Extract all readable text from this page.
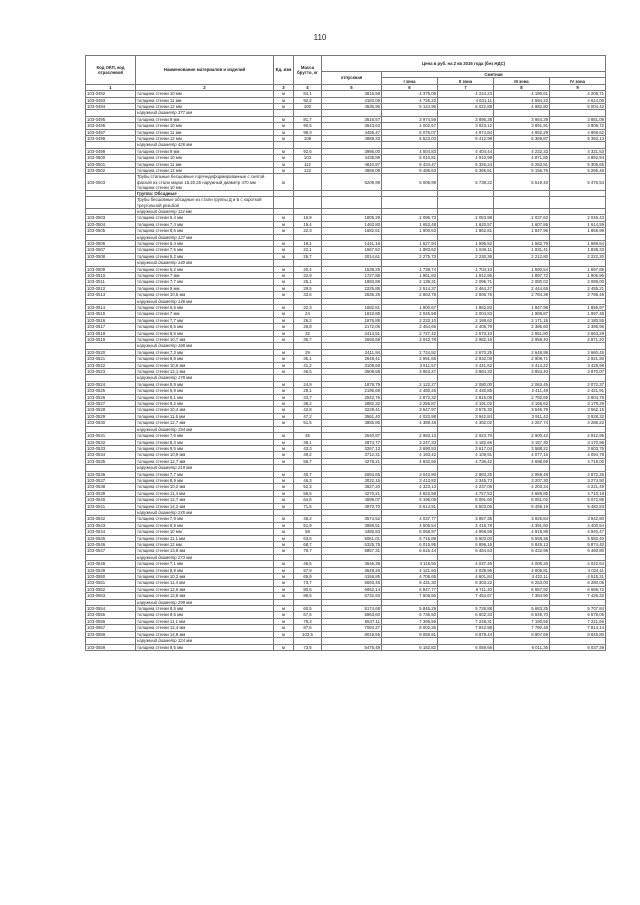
110
Код ОКП, код отраслевой	Наименование материалов и изделий	Ед. изм	Масса брутто, кг	Цена в руб. на 2 кв 2016 года (без НДС)				
				отпускная	Сметная			
					I зона	II зона	III зона	IV зона
1	2	3	4	5	6	7	8	9
103-0492	толщина стенки 10 мм	м	84,1	3815,58	4 375,09	4 224,23	4 190,61	4 208,71
103-0493	толщина стенки 11 мм	м	92,2	4183,08	4 726,22	4 631,11	4 594,22	4 614,06
103-0494	толщина стенки 12 мм	м	100	4536,96	5 124,96	5 022,88	4 982,80	5 004,42
	наружный диаметр 377 мм							
103-0495	толщина стенки 9 мм	м	81,7	3516,57	3 974,59	3 895,38	3 864,29	3 881,08
103-0496	толщина стенки 10 мм	м	90,5	3543,63	4 002,67	3 923,12	3 891,91	3 908,72
103-0497	толщина стенки 11 мм	м	99,3	4455,47	5 076,07	4 974,84	4 952,29	4 958,62
103-0498	толщина стенки 12 мм	м	108	4889,33	5 523,03	5 412,98	5 369,87	5 393,13
	наружный диаметр 426 мм							
103-0499	толщина стенки 9 мм	м	92,6	3986,00	4 504,83	4 404,44	4 232,33	4 321,53
103-0500	толщина стенки 10 мм	м	103	4435,89	5 010,81	4 910,98	4 871,85	4 892,94
103-0501	толщина стенки 11 мм	м	112	4810,97	5 434,47	5 326,24	5 283,81	5 306,65
103-0502	толщина стенки 12 мм	м	122	4959,08	5 485,63	5 366,51	5 156,76	5 265,46
103-0503	Трубы стальные бесшовные горячедеформированные с снятой фаской из стали марок 15,20,25 наружный диаметр 470 мм толщина стенки 10 мм	м		5209,99	6 006,99	5 738,22	5 519,40	5 476,54
	Группа: Обсадные							
	Трубы бесшовные обсадные из стали группы Д и Б с короткой треугольной резьбой							
	наружный диаметр 114 мм							
103-0503	толщина стенки 6,4 мм	м	16,9	1805,29	2 096,73	2 053,98	2 037,62	2 046,43
103-0504	толщина стенки 7,4 мм	м	19,4	1463,80	1 653,48	1 620,57	1 607,86	1 614,59
103-0505	толщина стенки 8,6 мм	м	22,3	1682,61	1 900,63	1 862,81	1 847,96	1 855,99
	наружный диаметр 127 мм							
103-0506	толщина стенки 6,4 мм	м	19,1	1441,16	1 627,94	1 595,52	1 582,79	1 589,64
103-0507	толщина стенки 7,5 мм	м	22,1	1667,52	1 883,62	1 846,11	1 831,41	1 839,33
103-0508	толщина стенки 9,2 мм	м	26,7	2014,61	2 275,73	2 230,36	2 212,80	2 222,20
	наружный диаметр 140 мм							
103-0509	толщина стенки 6,2 мм	м	20,4	1539,25	1 738,74	1 704,10	1 690,54	1 697,85
103-0510	толщина стенки 7 мм	м	22,9	1727,88	1 951,83	1 912,95	1 897,72	1 905,95
103-0511	толщина стенки 7,7 мм	м	25,1	1893,88	2 139,31	2 096,71	2 080,02	2 089,00
103-0512	толщина стенки 9 мм	м	29,5	2225,88	2 514,37	2 464,27	2 444,65	2 455,21
103-0513	толщина стенки 10,5 мм	м	33,6	2535,25	2 863,78	2 806,76	2 784,39	2 796,45
	наружный диаметр 146 мм							
103-0514	толщина стенки 6,5 мм	м	22,3	1682,61	1 900,67	1 862,83	1 847,98	1 855,97
103-0515	толщина стенки 7 мм	м	24	1810,85	2 045,58	2 004,83	1 988,87	1 997,48
103-0516	толщина стенки 7,7 мм	м	26,2	1976,88	2 233,10	2 188,62	2 171,16	2 180,55
103-0517	толщина стенки 8,5 мм	м	28,8	2172,06	2 454,66	2 405,79	2 386,60	2 396,96
103-0518	толщина стенки 9,5 мм	м	32	2414,51	2 727,42	2 673,10	2 651,80	2 663,29
103-0519	толщина стенки 10,7 мм	м	35,7	2693,69	3 042,78	2 982,15	2 958,40	2 971,20
	наружный диаметр 168 мм							
103-0520	толщина стенки 7,3 мм	м	29	2411,94	2 724,52	2 670,25	2 648,99	2 660,45
103-0521	толщина стенки 8,9 мм	м	35,1	2648,41	2 991,65	2 932,08	2 908,71	2 921,30
103-0522	толщина стенки 10,6 мм	м	41,2	3108,68	3 511,57	3 441,62	3 414,22	3 428,98
103-0523	толщина стенки 12,1 мм	м	46,5	3508,58	3 963,27	3 884,33	3 853,40	3 870,07
	наружный диаметр 178 мм							
103-0524	толщина стенки 5,9 мм	м	24,9	1878,79	2 122,27	2 080,00	2 063,45	2 072,37
103-0525	толщина стенки 6,9 мм	м	29,1	2195,69	2 480,25	2 430,85	2 411,49	2 421,91
103-0526	толщина стенки 8,1 мм	м	33,7	2542,76	2 872,32	2 815,09	2 792,65	2 804,76
103-0527	толщина стенки 9,2 мм	м	38,2	2882,32	3 255,87	3 191,02	3 165,62	3 179,29
103-0528	толщина стенки 10,4 мм	м	42,8	3229,41	3 647,97	3 575,30	3 546,79	3 562,15
103-0529	толщина стенки 11,5 мм	м	47,2	3561,40	4 022,98	3 942,84	3 911,43	3 928,32
103-0530	толщина стенки 12,7 мм	м	51,5	3885,85	4 389,48	4 302,02	4 267,74	4 286,22
	наружный диаметр 194 мм							
103-0531	толщина стенки 7,6 мм	м	35	2640,87	2 983,13	2 923,70	2 900,42	2 912,95
103-0532	толщина стенки 8,3 мм	м	38,1	2874,77	3 247,33	3 182,66	3 157,30	3 170,96
103-0533	толщина стенки 9,5 мм	м	43,3	3267,13	3 690,53	3 617,04	3 588,22	3 603,75
103-0534	толщина стенки 10,9 мм	м	49,2	3712,31	4 193,42	4 109,91	4 077,16	4 094,78
103-0535	толщина стенки 12,7 мм	м	56,7	4278,21	4 832,66	4 736,42	4 698,69	4 719,00
	наружный диаметр 219 мм							
103-0536	толщина стенки 7,7 мм	м	40,7	2694,65	3 043,90	2 983,25	2 959,48	2 972,26
103-0537	толщина стенки 8,9 мм	м	46,3	3022,15	3 413,82	3 345,73	3 207,30	3 274,90
103-0538	толщина стенки 10,2 мм	м	52,3	3627,20	4 323,13	4 237,06	4 203,34	4 221,49
103-0539	толщина стенки 11,4 мм	м	58,5	4270,21	4 823,58	4 727,53	4 689,85	4 710,18
103-0540	толщина стенки 12,7 мм	м	64,6	4599,07	5 195,09	5 091,60	5 051,02	5 072,85
103-0541	толщина стенки 14,2 мм	м	71,5	4970,70	5 614,91	5 503,06	5 459,19	5 482,83
	наружный диаметр 245 мм							
103-0542	толщина стенки 7,9 мм	м	46,2	3574,52	4 037,77	3 957,35	3 925,84	3 942,80
103-0543	толщина стенки 8,9 мм	м	51,9	3989,51	4 506,54	4 416,78	4 381,60	4 400,54
103-0544	толщина стенки 10 мм	м	58	4480,83	5 058,97	4 958,59	4 918,99	4 940,47
103-0545	толщина стенки 11,1 мм	м	63,6	5061,01	5 716,89	5 603,00	5 558,36	5 582,40
103-0546	толщина стенки 12 мм	м	68,7	5325,75	6 015,95	5 896,16	5 849,13	5 874,40
103-0547	толщина стенки 13,8 мм	м	78,7	5857,31	6 616,44	6 484,63	6 432,95	6 460,80
	наружный диаметр 273 мм							
103-0548	толщина стенки 7,1 мм	м	46,5	3646,39	4 118,50	4 037,46	4 005,26	4 022,64
103-0549	толщина стенки 8,9 мм	м	57,9	3649,26	4 121,60	4 038,95	4 006,81	4 024,11
103-0550	толщина стенки 10,2 мм	м	65,9	4166,85	4 706,65	4 601,84	4 422,11	4 515,31
103-0551	толщина стенки 11,4 мм	м	73,7	5693,45	6 431,30	6 303,22	6 253,00	6 280,05
103-0552	толщина стенки 12,6 мм	м	80,6	6062,14	6 847,77	6 711,40	6 657,92	6 686,72
103-0553	толщина стенки 13,8 мм	м	88,5	6732,93	7 605,50	7 454,67	7 384,90	7 426,32
	наружный диаметр 299 мм							
103-0554	толщина стенки 8,5 мм	м	60,5	5174,68	5 845,29	5 728,88	5 683,25	5 707,84
103-0555	толщина стенки 9,5 мм	м	67,6	5963,60	6 736,50	6 602,33	6 549,70	6 578,05
103-0556	толщина стенки 11,1 мм	м	78,3	6547,11	7 395,59	7 248,31	7 190,55	7 221,66
103-0557	толщина стенки 12,4 мм	м	87,6	7084,27	8 002,35	7 842,98	7 780,48	7 814,14
103-0558	толщина стенки 14,8 мм	м	102,5	8019,55	9 058,91	8 878,44	8 807,69	8 845,80
	наружный диаметр 324 мм							
103-0559	толщина стенки 9,5 мм	м	73,6	5475,49	6 182,82	6 059,66	6 011,35	6 037,39
